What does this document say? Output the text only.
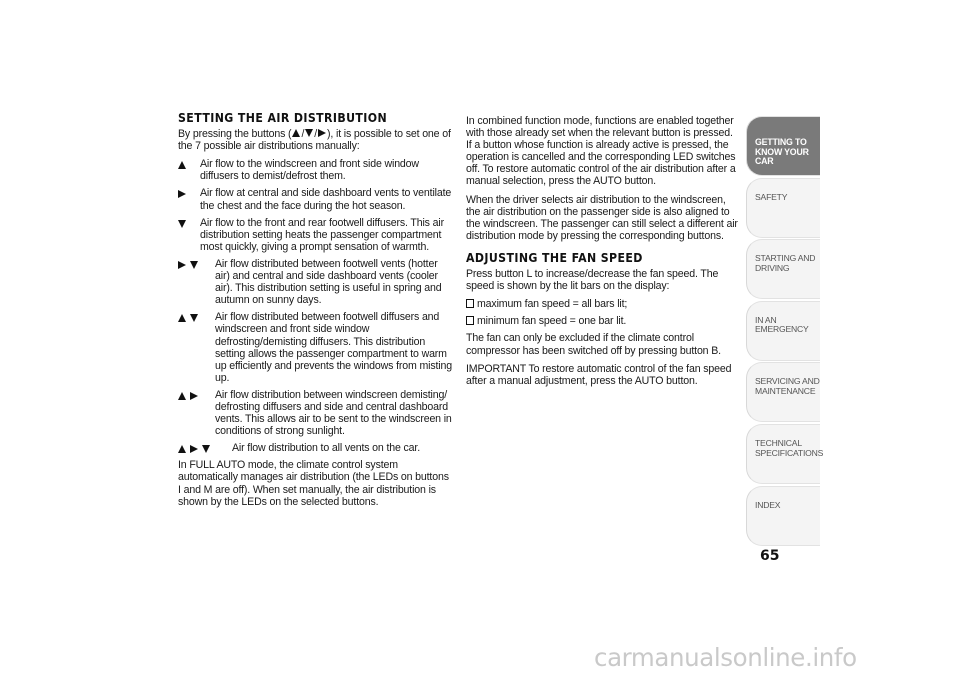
SETTING THE AIR DISTRIBUTION

By pressing the buttons ( / / ), it is possible to set one of the 7 possible air distributions manually:

Air flow to the windscreen and front side window diffusers to demist/defrost them.
Air flow at central and side dashboard vents to ventilate the chest and the face during the hot season.
Air flow to the front and rear footwell diffusers. This air distribution setting heats the passenger compartment most quickly, giving a prompt sensation of warmth.
Air flow distributed between footwell vents (hotter air) and central and side dashboard vents (cooler air). This distribution setting is useful in spring and autumn on sunny days.
Air flow distributed between footwell diffusers and windscreen and front side window defrosting/demisting diffusers. This distribution setting allows the passenger compartment to warm up efficiently and prevents the windows from misting up.
Air flow distribution between windscreen demisting/ defrosting diffusers and side and central dashboard vents. This allows air to be sent to the windscreen in conditions of strong sunlight.
Air flow distribution to all vents on the car.

In FULL AUTO mode, the climate control system automatically manages air distribution (the LEDs on buttons I and M are off). When set manually, the air distribution is shown by the LEDs on the selected buttons.

In combined function mode, functions are enabled together with those already set when the relevant button is pressed. If a button whose function is already active is pressed, the operation is cancelled and the corresponding LED switches off. To restore automatic control of the air distribution after a manual selection, press the AUTO button.

When the driver selects air distribution to the windscreen, the air distribution on the passenger side is also aligned to the windscreen. The passenger can still select a different air distribution mode by pressing the corresponding buttons.

ADJUSTING THE FAN SPEED

Press button L to increase/decrease the fan speed. The speed is shown by the lit bars on the display:

maximum fan speed = all bars lit;
minimum fan speed = one bar lit.

The fan can only be excluded if the climate control compressor has been switched off by pressing button B.

IMPORTANT To restore automatic control of the fan speed after a manual adjustment, press the AUTO button.

GETTING TO KNOW YOUR CAR
SAFETY
STARTING AND DRIVING
IN AN EMERGENCY
SERVICING AND MAINTENANCE
TECHNICAL SPECIFICATIONS
INDEX
65
carmanualsonline.info
